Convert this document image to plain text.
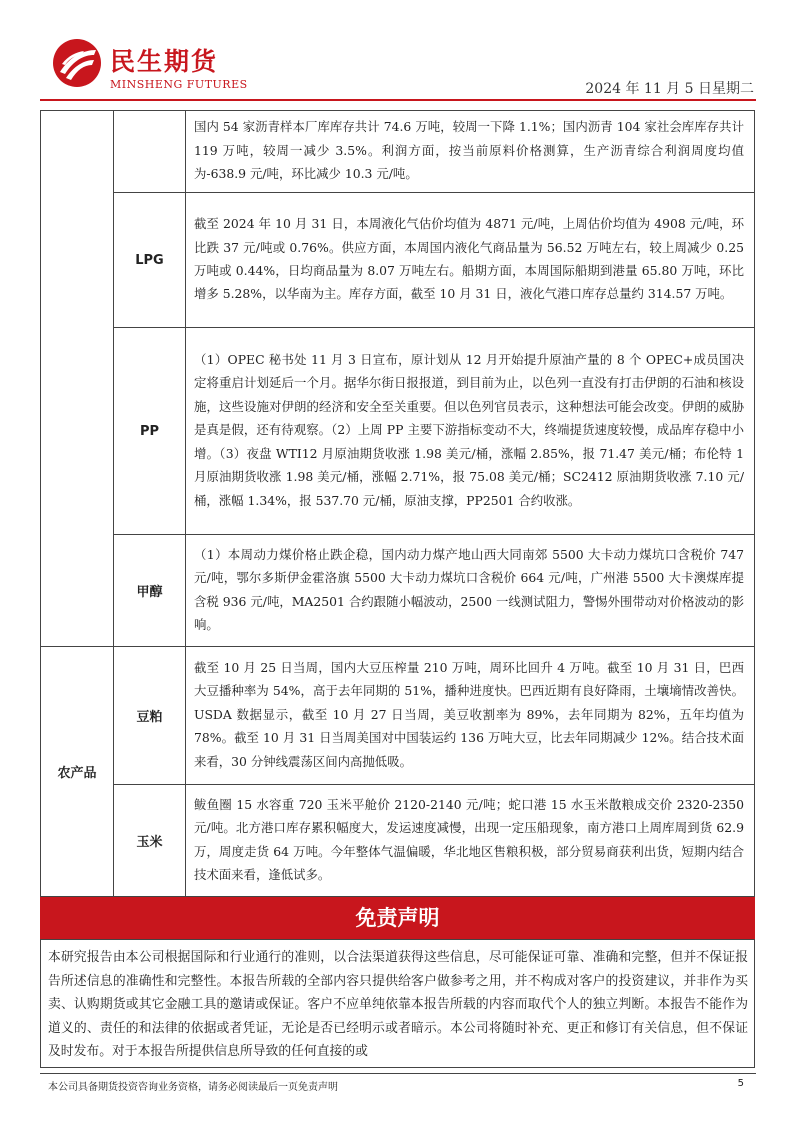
民生期货
MINSHENG FUTURES	2024 年 11 月 5 日星期二
		国内 54 家沥青样本厂库库存共计 74.6 万吨，较周一下降 1.1%；国内沥青 104 家社会库库存共计 119 万吨，较周一减少 3.5%。利润方面，按当前原料价格测算，生产沥青综合利润周度均值为-638.9 元/吨，环比减少 10.3 元/吨。
	LPG	截至 2024 年 10 月 31 日，本周液化气估价均值为 4871 元/吨，上周估价均值为 4908 元/吨，环比跌 37 元/吨或 0.76%。供应方面，本周国内液化气商品量为 56.52 万吨左右，较上周减少 0.25 万吨或 0.44%，日均商品量为 8.07 万吨左右。船期方面，本周国际船期到港量 65.80 万吨，环比增多 5.28%，以华南为主。库存方面，截至 10 月 31 日，液化气港口库存总量约 314.57 万吨。
	PP	（1）OPEC 秘书处 11 月 3 日宣布，原计划从 12 月开始提升原油产量的 8 个 OPEC+成员国决定将重启计划延后一个月。据华尔街日报报道，到目前为止，以色列一直没有打击伊朗的石油和核设施，这些设施对伊朗的经济和安全至关重要。但以色列官员表示，这种想法可能会改变。伊朗的威胁是真是假，还有待观察。（2）上周 PP 主要下游指标变动不大，终端提货速度较慢，成品库存稳中小增。（3）夜盘 WTI12 月原油期货收涨 1.98 美元/桶，涨幅 2.85%，报 71.47 美元/桶；布伦特 1 月原油期货收涨 1.98 美元/桶，涨幅 2.71%，报 75.08 美元/桶；SC2412 原油期货收涨 7.10 元/桶，涨幅 1.34%，报 537.70 元/桶，原油支撑，PP2501 合约收涨。
	甲醇	（1）本周动力煤价格止跌企稳，国内动力煤产地山西大同南郊 5500 大卡动力煤坑口含税价 747 元/吨，鄂尔多斯伊金霍洛旗 5500 大卡动力煤坑口含税价 664 元/吨，广州港 5500 大卡澳煤库提含税 936 元/吨，MA2501 合约跟随小幅波动，2500 一线测试阻力，警惕外围带动对价格波动的影响。
农产品	豆粕	截至 10 月 25 日当周，国内大豆压榨量 210 万吨，周环比回升 4 万吨。截至 10 月 31 日，巴西大豆播种率为 54%，高于去年同期的 51%，播种进度快。巴西近期有良好降雨，土壤墒情改善快。USDA 数据显示，截至 10 月 27 日当周，美豆收割率为 89%，去年同期为 82%，五年均值为 78%。截至 10 月 31 日当周美国对中国装运约 136 万吨大豆，比去年同期减少 12%。结合技术面来看，30 分钟线震荡区间内高抛低吸。
	玉米	鲅鱼圈 15 水容重 720 玉米平舱价 2120-2140 元/吨；蛇口港 15 水玉米散粮成交价 2320-2350 元/吨。北方港口库存累积幅度大，发运速度减慢，出现一定压船现象，南方港口上周库周到货 62.9 万，周度走货 64 万吨。今年整体气温偏暖，华北地区售粮积极，部分贸易商获利出货，短期内结合技术面来看，逢低试多。
免责声明
本研究报告由本公司根据国际和行业通行的准则，以合法渠道获得这些信息，尽可能保证可靠、准确和完整，但并不保证报告所述信息的准确性和完整性。本报告所载的全部内容只提供给客户做参考之用，并不构成对客户的投资建议，并非作为买卖、认购期货或其它金融工具的邀请或保证。客户不应单纯依靠本报告所载的内容而取代个人的独立判断。本报告不能作为道义的、责任的和法律的依据或者凭证，无论是否已经明示或者暗示。本公司将随时补充、更正和修订有关信息，但不保证及时发布。对于本报告所提供信息所导致的任何直接的或
本公司具备期货投资咨询业务资格，请务必阅读最后一页免责声明	5
